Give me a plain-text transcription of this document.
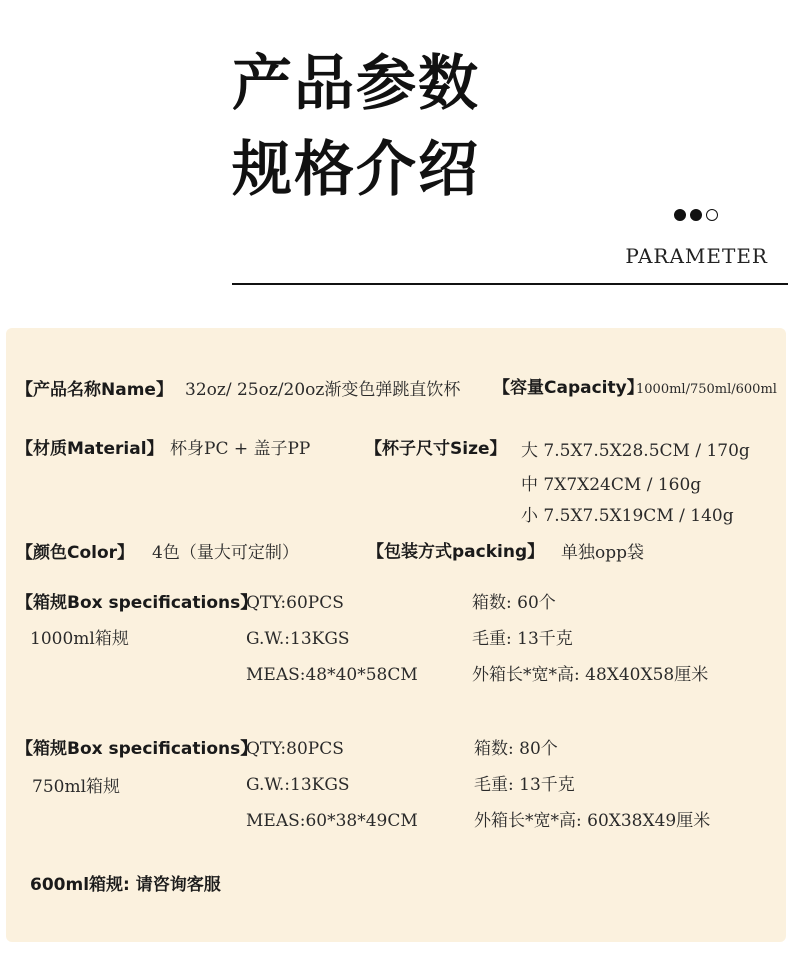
产品参数
规格介绍
PARAMETER
【产品名称Name】 32oz/ 25oz/20oz渐变色弹跳直饮杯 【容量Capacity】
1000ml/750ml/600ml
【材质Material】 杯身PC + 盖子PP	【杯子尺寸Size】 大 7.5X7.5X28.5CM / 170g
中 7X7X24CM / 160g
小 7.5X7.5X19CM / 140g
【颜色Color】 4色（量大可定制）	【包装方式packing】 单独opp袋
【箱规Box specifications】
1000ml箱规
QTY:60PCS
G.W.:13KGS
MEAS:48*40*58CM
箱数: 60个
毛重: 13千克
外箱长*宽*高: 48X40X58厘米
【箱规Box specifications】
750ml箱规
QTY:80PCS
G.W.:13KGS
MEAS:60*38*49CM
箱数: 80个
毛重: 13千克
外箱长*宽*高: 60X38X49厘米
600ml箱规: 请咨询客服
